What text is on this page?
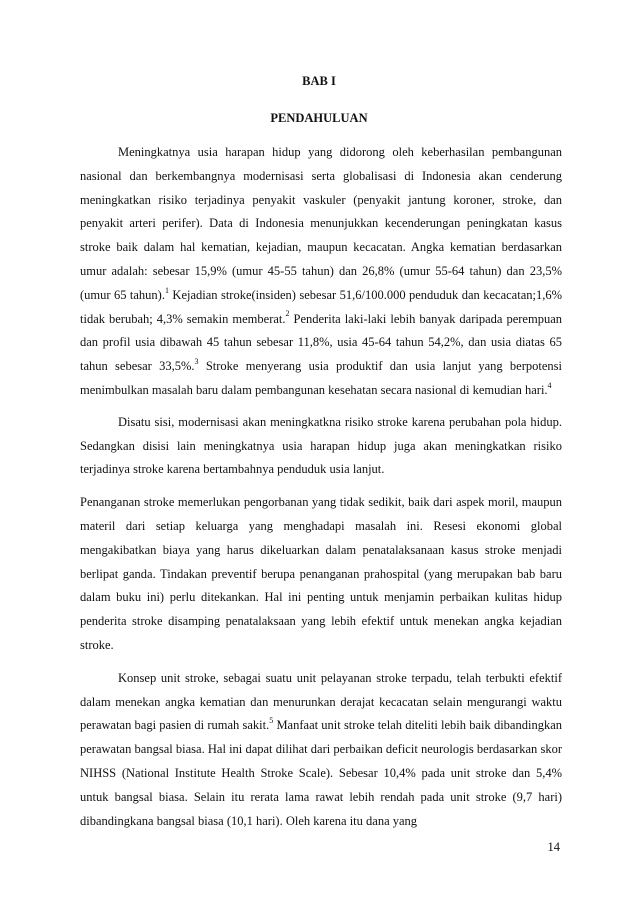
BAB I
PENDAHULUAN

Meningkatnya usia harapan hidup yang didorong oleh keberhasilan pembangunan nasional dan berkembangnya modernisasi serta globalisasi di Indonesia akan cenderung meningkatkan risiko terjadinya penyakit vaskuler (penyakit jantung koroner, stroke, dan penyakit arteri perifer). Data di Indonesia menunjukkan kecenderungan peningkatan kasus stroke baik dalam hal kematian, kejadian, maupun kecacatan. Angka kematian berdasarkan umur adalah: sebesar 15,9% (umur 45-55 tahun) dan 26,8% (umur 55-64 tahun) dan 23,5% (umur 65 tahun).$^1$ Kejadian stroke(insiden) sebesar 51,6/100.000 penduduk dan kecacatan;1,6% tidak berubah; 4,3% semakin memberat.$^2$ Penderita laki-laki lebih banyak daripada perempuan dan profil usia dibawah 45 tahun sebesar 11,8%, usia 45-64 tahun 54,2%, dan usia diatas 65 tahun sebesar 33,5%.$^3$ Stroke menyerang usia produktif dan usia lanjut yang berpotensi menimbulkan masalah baru dalam pembangunan kesehatan secara nasional di kemudian hari.$^4$

Disatu sisi, modernisasi akan meningkatkna risiko stroke karena perubahan pola hidup. Sedangkan disisi lain meningkatnya usia harapan hidup juga akan meningkatkan risiko terjadinya stroke karena bertambahnya penduduk usia lanjut.

Penanganan stroke memerlukan pengorbanan yang tidak sedikit, baik dari aspek moril, maupun materil dari setiap keluarga yang menghadapi masalah ini. Resesi ekonomi global mengakibatkan biaya yang harus dikeluarkan dalam penatalaksanaan kasus stroke menjadi berlipat ganda. Tindakan preventif berupa penanganan prahospital (yang merupakan bab baru dalam buku ini) perlu ditekankan. Hal ini penting untuk menjamin perbaikan kulitas hidup penderita stroke disamping penatalaksaan yang lebih efektif untuk menekan angka kejadian stroke.

Konsep unit stroke, sebagai suatu unit pelayanan stroke terpadu, telah terbukti efektif dalam menekan angka kematian dan menurunkan derajat kecacatan selain mengurangi waktu perawatan bagi pasien di rumah sakit.$^5$ Manfaat unit stroke telah diteliti lebih baik dibandingkan perawatan bangsal biasa. Hal ini dapat dilihat dari perbaikan deficit neurologis berdasarkan skor NIHSS (National Institute Health Stroke Scale). Sebesar 10,4% pada unit stroke dan 5,4% untuk bangsal biasa. Selain itu rerata lama rawat lebih rendah pada unit stroke (9,7 hari) dibandingkana bangsal biasa (10,1 hari). Oleh karena itu dana yang

14
